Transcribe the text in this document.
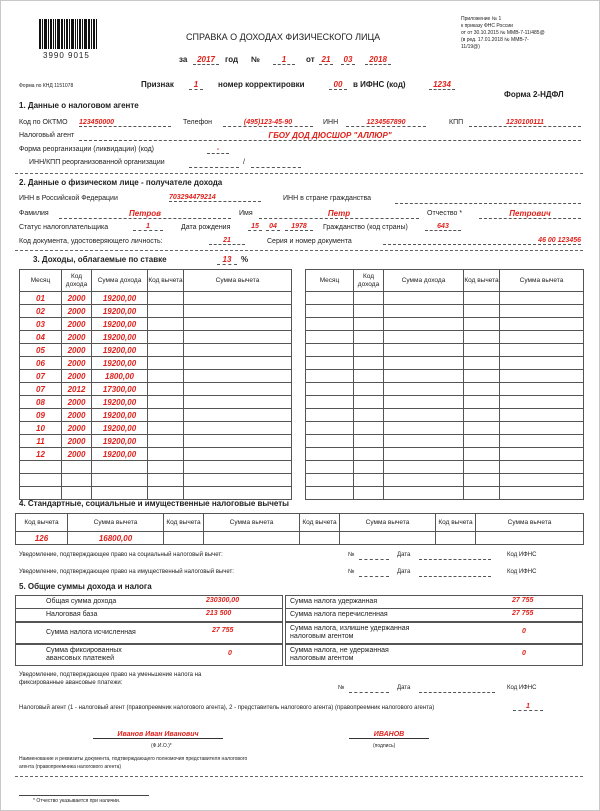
3990 9015
Приложение № 1
к приказу ФНС России
от от 30.10.2015 № ММВ-7-11/485@
(в ред. 17.01.2018 № ММВ-7-
11/19@)
СПРАВКА О ДОХОДАХ ФИЗИЧЕСКОГО ЛИЦА
за	2017	год №	1	от 21	03	2018
Форма по КНД 1151078	Признак	1	номер корректировки	00	в ИФНС (код)	1234
Форма 2-НДФЛ
1. Данные о налоговом агенте
Код по ОКТМО 123450000	Телефон	(495)123-45-90	ИНН	1234567890	КПП	1230100111
Налоговый агент	ГБОУ ДОД ДЮСШОР "АЛЛЮР"
Форма реорганизации (ликвидации) (код)	-
ИНН/КПП реорганизованной организации	/
2. Данные о физическом лице - получателе дохода
ИНН в Российской Федерации	703294479214	ИНН в стране гражданства
Фамилия	Петров	Имя	Петр	Отчество *	Петрович
Статус налогоплательщика	1	Дата рождения	15	04	1978	Гражданство (код страны)	643
Код документа, удостоверяющего личность:	21	Серия и номер документа	46 00 123456
3. Доходы, облагаемые по ставке	13	%
Месяц	Код дохода	Сумма дохода	Код вычета	Сумма вычета
01	2000	19200,00		
02	2000	19200,00		
03	2000	19200,00		
04	2000	19200,00		
05	2000	19200,00		
06	2000	19200,00		
07	2000	1800,00		
07	2012	17300,00		
08	2000	19200,00		
09	2000	19200,00		
10	2000	19200,00		
11	2000	19200,00		
12	2000	19200,00		

Месяц	Код дохода	Сумма дохода	Код вычета	Сумма вычета

4. Стандартные, социальные и имущественные налоговые вычеты
Код вычета	Сумма вычета	Код вычета	Сумма вычета	Код вычета	Сумма вычета	Код вычета	Сумма вычета
126	16800,00						
Уведомление, подтверждающее право на социальный налоговый вычет:	№	Дата	Код ИФНС
Уведомление, подтверждающее право на имущественный налоговый вычет:	№	Дата	Код ИФНС
5. Общие суммы дохода и налога
Общая сумма дохода	230300,00
Налоговая база	213 500
Сумма налога исчисленная	27 755
Сумма фиксированных авансовых платежей
0
Сумма налога удержанная	27 755
Сумма налога перечисленная	27 755
Сумма налога, излишне удержанная налоговым агентом
0
Сумма налога, не удержанная налоговым агентом
0
Уведомление, подтверждающее право на уменьшение налога на фиксированные авансовые платежи:
№	Дата	Код ИФНС
Налоговый агент (1 - налоговый агент (правопреемник налогового агента), 2 - представитель налогового агента) (правопреемник налогового агента)	1
Иванов Иван Иванович
(Ф.И.О.)*
ИВАНОВ
(подпись)
Наименование и реквизиты документа, подтверждающего полномочия представителя налогового агента (правопреемника налогового агента)
* Отчество указывается при наличии.
